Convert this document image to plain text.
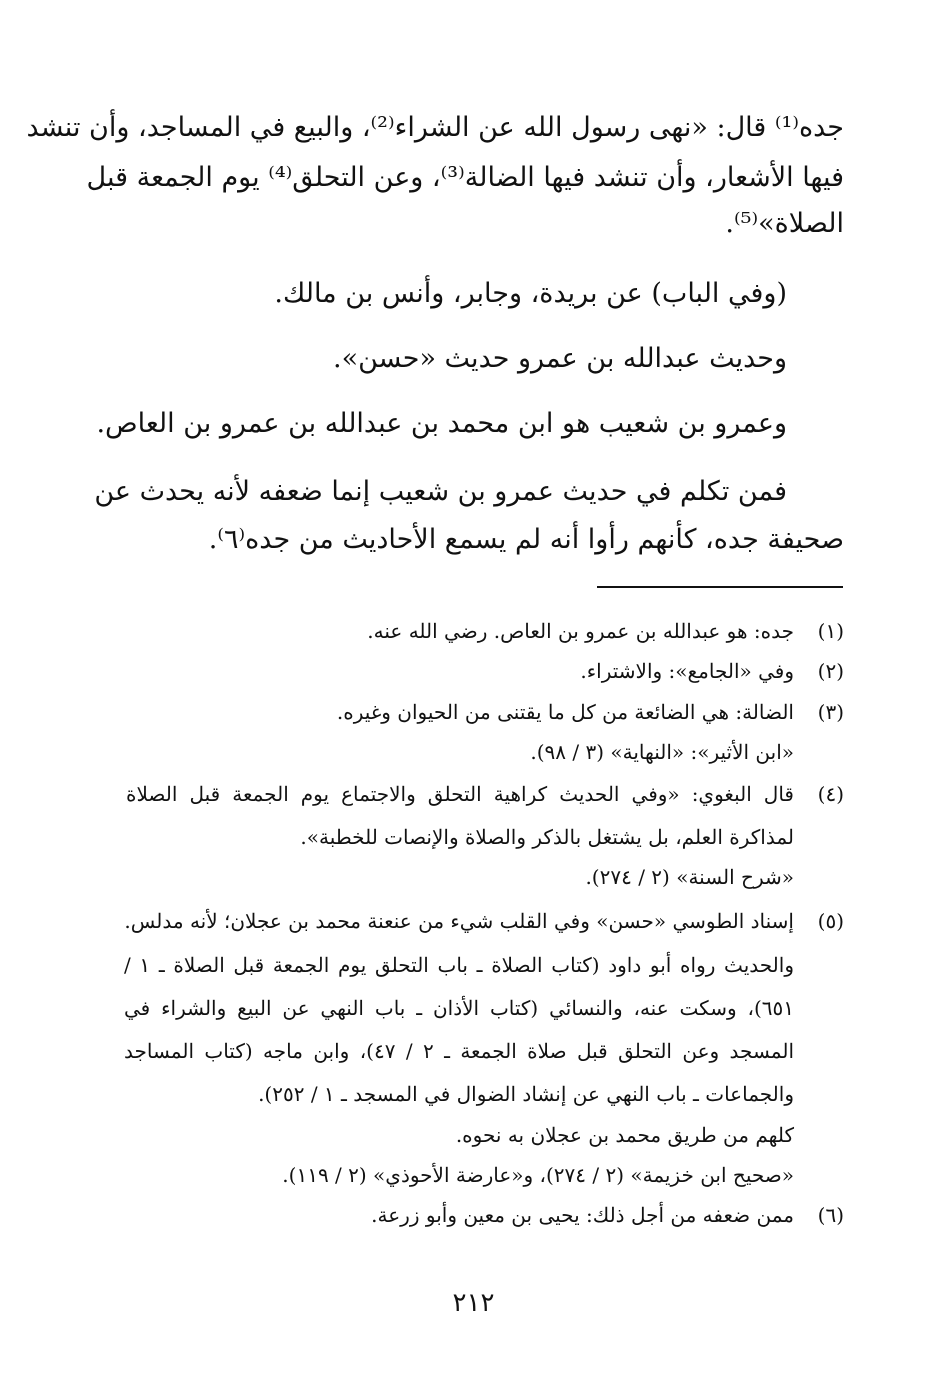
جده⁽¹⁾ قال: «نهى رسول الله عن الشراء⁽²⁾، والبيع في المساجد، وأن تنشد
فيها الأشعار، وأن تنشد فيها الضالة⁽³⁾، وعن التحلق⁽⁴⁾ يوم الجمعة قبل
الصلاة»⁽⁵⁾.
(وفي الباب) عن بريدة، وجابر، وأنس بن مالك.
وحديث عبدالله بن عمرو حديث «حسن».
وعمرو بن شعيب هو ابن محمد بن عبدالله بن عمرو بن العاص.
فمن تكلم في حديث عمرو بن شعيب إنما ضعفه لأنه يحدث عن
صحيفة جده، كأنهم رأوا أنه لم يسمع الأحاديث من جده⁽٦⁾.
(١)جده: هو عبدالله بن عمرو بن العاص. رضي الله عنه.
(٢)وفي «الجامع»: والاشتراء.
(٣)الضالة: هي الضائعة من كل ما يقتنى من الحيوان وغيره.
«ابن الأثير»: «النهاية» (٣ / ٩٨).
(٤)قال البغوي: «وفي الحديث كراهية التحلق والاجتماع يوم الجمعة قبل الصلاة
لمذاكرة العلم، بل يشتغل بالذكر والصلاة والإنصات للخطبة».
«شرح السنة» (٢ / ٢٧٤).
(٥)إسناد الطوسي «حسن» وفي القلب شيء من عنعنة محمد بن عجلان؛ لأنه مدلس.
والحديث رواه أبو داود (كتاب الصلاة ـ باب التحلق يوم الجمعة قبل الصلاة ـ ١ /
٦٥١)، وسكت عنه، والنسائي (كتاب الأذان ـ باب النهي عن البيع والشراء في
المسجد وعن التحلق قبل صلاة الجمعة ـ ٢ / ٤٧)، وابن ماجه (كتاب المساجد
والجماعات ـ باب النهي عن إنشاد الضوال في المسجد ـ ١ / ٢٥٢).
كلهم من طريق محمد بن عجلان به نحوه.
«صحيح ابن خزيمة» (٢ / ٢٧٤)، و«عارضة الأحوذي» (٢ / ١١٩).
(٦)ممن ضعفه من أجل ذلك: يحيى بن معين وأبو زرعة.
٢١٢
